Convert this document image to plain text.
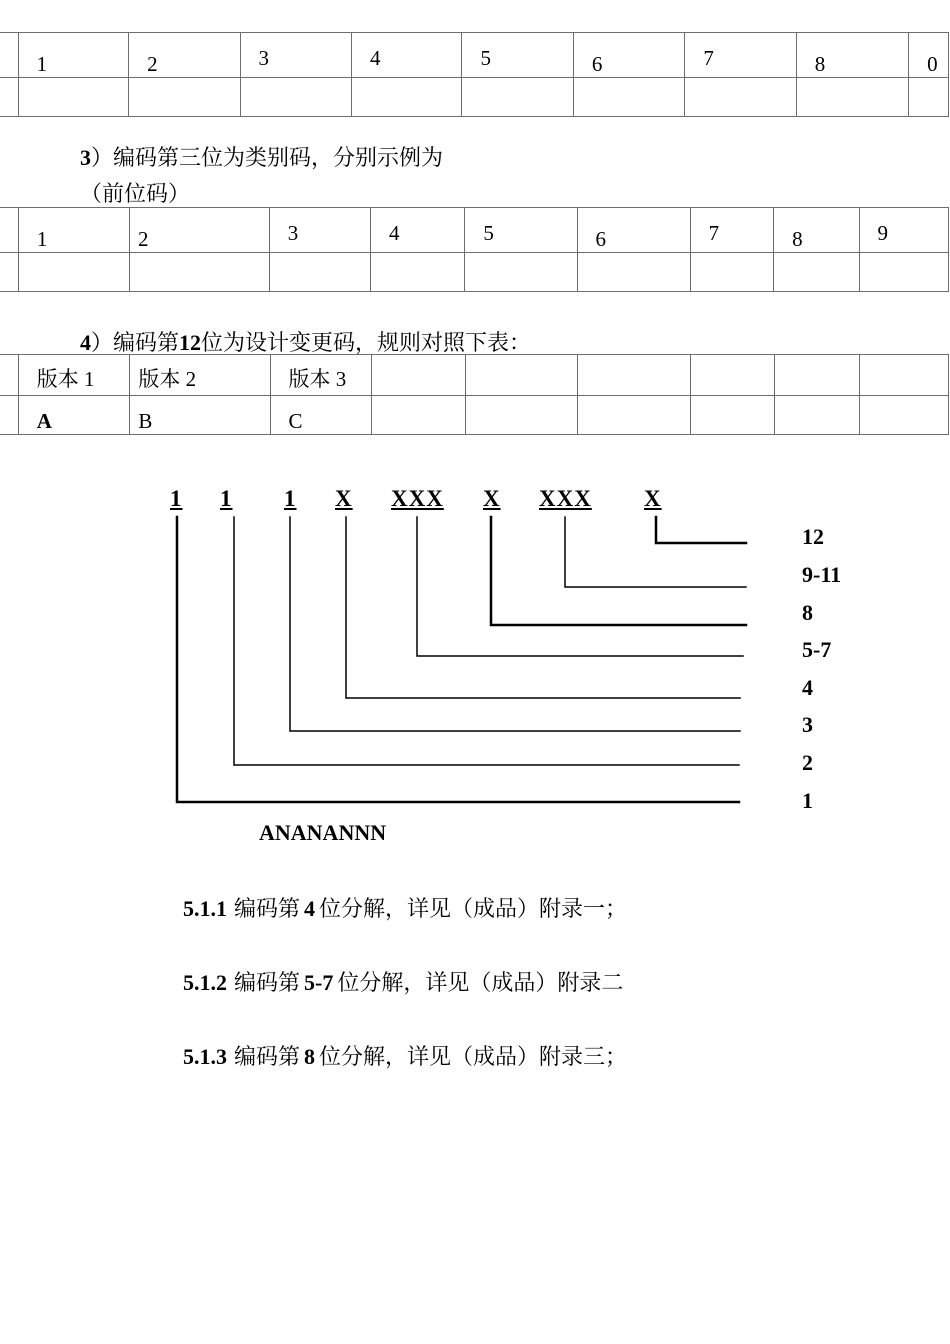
	1	2	3	4	5	6	7	8	0

3）编码第三位为类别码，分别示例为
（前位码）
	1	2	3	4	5	6	7	8	9

4）编码第12位为设计变更码，规则对照下表：
	版本 1	版本 2	版本 3						
	A	B	C						
1 1 1 X XXX X XXX X
12
9-11
8
5-7
4
3
2
1
ANANANNN
5.1.1 编码第 4 位分解，详见（成品）附录一；
5.1.2 编码第 5-7 位分解，详见（成品）附录二
5.1.3 编码第 8 位分解，详见（成品）附录三；
